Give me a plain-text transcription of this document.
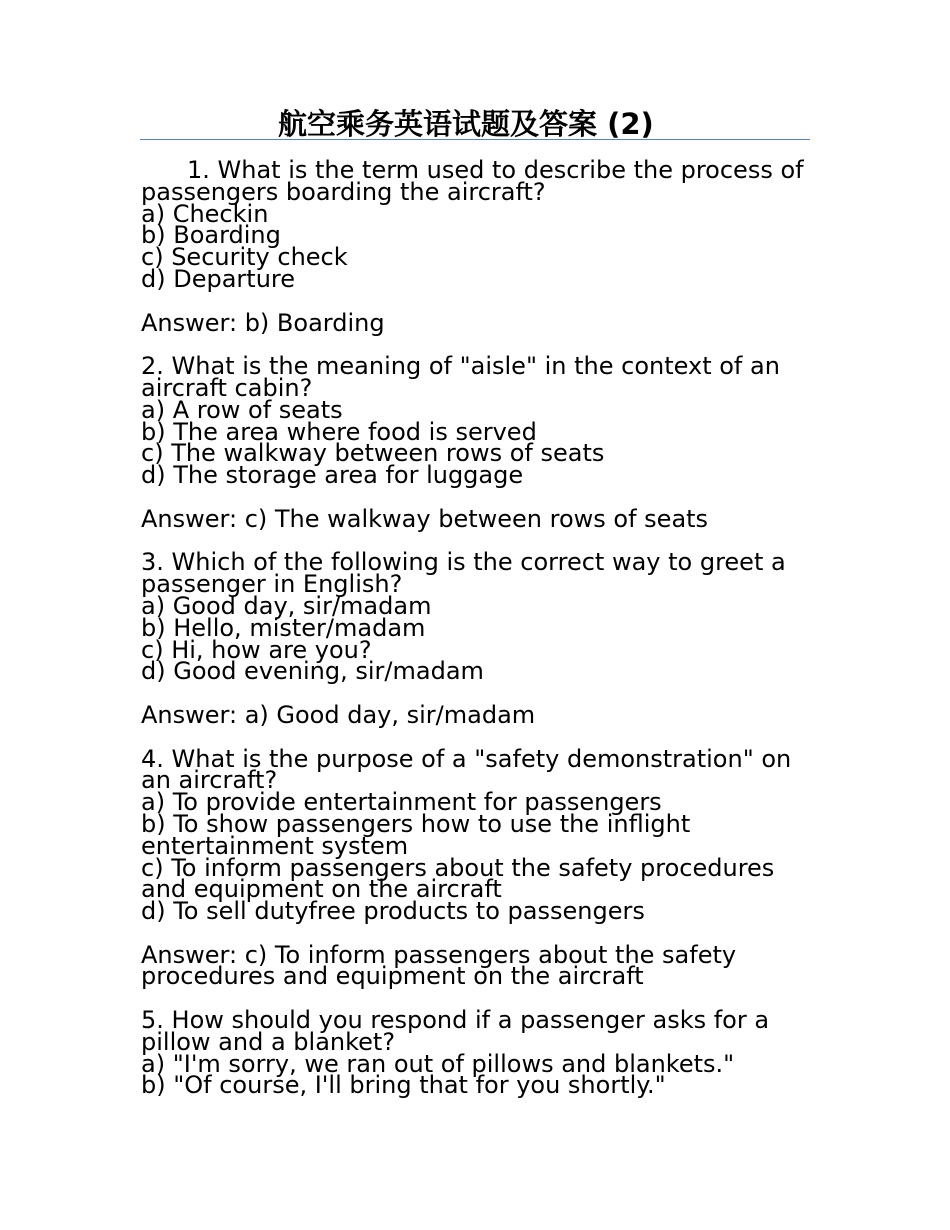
航空乘务英语试题及答案 (2)
1. What is the term used to describe the process of
passengers boarding the aircraft?
a) Checkin
b) Boarding
c) Security check
d) Departure
Answer: b) Boarding
2. What is the meaning of "aisle" in the context of an
aircraft cabin?
a) A row of seats
b) The area where food is served
c) The walkway between rows of seats
d) The storage area for luggage
Answer: c) The walkway between rows of seats
3. Which of the following is the correct way to greet a
passenger in English?
a) Good day, sir/madam
b) Hello, mister/madam
c) Hi, how are you?
d) Good evening, sir/madam
Answer: a) Good day, sir/madam
4. What is the purpose of a "safety demonstration" on
an aircraft?
a) To provide entertainment for passengers
b) To show passengers how to use the inflight
entertainment system
c) To inform passengers about the safety procedures
and equipment on the aircraft
d) To sell dutyfree products to passengers
Answer: c) To inform passengers about the safety
procedures and equipment on the aircraft
5. How should you respond if a passenger asks for a
pillow and a blanket?
a) "I'm sorry, we ran out of pillows and blankets."
b) "Of course, I'll bring that for you shortly."
